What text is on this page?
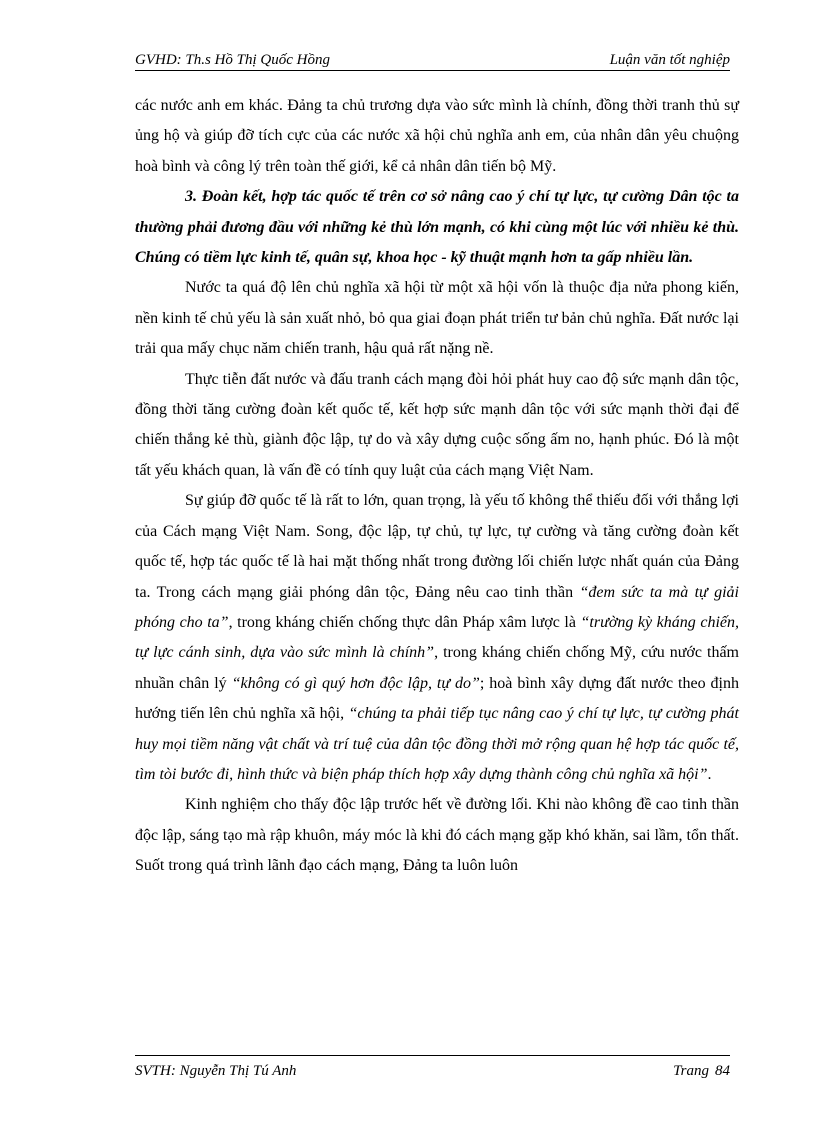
GVHD: Th.s Hồ Thị Quốc Hồng	Luận văn tốt nghiệp

các nước anh em khác. Đảng ta chủ trương dựa vào sức mình là chính, đồng thời tranh thủ sự ủng hộ và giúp đỡ tích cực của các nước xã hội chủ nghĩa anh em, của nhân dân yêu chuộng hoà bình và công lý trên toàn thế giới, kể cả nhân dân tiến bộ Mỹ.

3. Đoàn kết, hợp tác quốc tế trên cơ sở nâng cao ý chí tự lực, tự cường Dân tộc ta thường phải đương đầu với những kẻ thù lớn mạnh, có khi cùng một lúc với nhiều kẻ thù. Chúng có tiềm lực kinh tế, quân sự, khoa học - kỹ thuật mạnh hơn ta gấp nhiều lần.

Nước ta quá độ lên chủ nghĩa xã hội từ một xã hội vốn là thuộc địa nửa phong kiến, nền kinh tế chủ yếu là sản xuất nhỏ, bỏ qua giai đoạn phát triển tư bản chủ nghĩa. Đất nước lại trải qua mấy chục năm chiến tranh, hậu quả rất nặng nề.

Thực tiễn đất nước và đấu tranh cách mạng đòi hỏi phát huy cao độ sức mạnh dân tộc, đồng thời tăng cường đoàn kết quốc tế, kết hợp sức mạnh dân tộc với sức mạnh thời đại để chiến thắng kẻ thù, giành độc lập, tự do và xây dựng cuộc sống ấm no, hạnh phúc. Đó là một tất yếu khách quan, là vấn đề có tính quy luật của cách mạng Việt Nam.

Sự giúp đỡ quốc tế là rất to lớn, quan trọng, là yếu tố không thể thiếu đối với thắng lợi của Cách mạng Việt Nam. Song, độc lập, tự chủ, tự lực, tự cường và tăng cường đoàn kết quốc tế, hợp tác quốc tế là hai mặt thống nhất trong đường lối chiến lược nhất quán của Đảng ta. Trong cách mạng giải phóng dân tộc, Đảng nêu cao tinh thần “đem sức ta mà tự giải phóng cho ta”, trong kháng chiến chống thực dân Pháp xâm lược là “trường kỳ kháng chiến, tự lực cánh sinh, dựa vào sức mình là chính”, trong kháng chiến chống Mỹ, cứu nước thấm nhuần chân lý “không có gì quý hơn độc lập, tự do”; hoà bình xây dựng đất nước theo định hướng tiến lên chủ nghĩa xã hội, “chúng ta phải tiếp tục nâng cao ý chí tự lực, tự cường phát huy mọi tiềm năng vật chất và trí tuệ của dân tộc đồng thời mở rộng quan hệ hợp tác quốc tế, tìm tòi bước đi, hình thức và biện pháp thích hợp xây dựng thành công chủ nghĩa xã hội”.

Kinh nghiệm cho thấy độc lập trước hết về đường lối. Khi nào không đề cao tinh thần độc lập, sáng tạo mà rập khuôn, máy móc là khi đó cách mạng gặp khó khăn, sai lầm, tổn thất. Suốt trong quá trình lãnh đạo cách mạng, Đảng ta luôn luôn

SVTH: Nguyễn Thị Tú Anh	Trang 84
